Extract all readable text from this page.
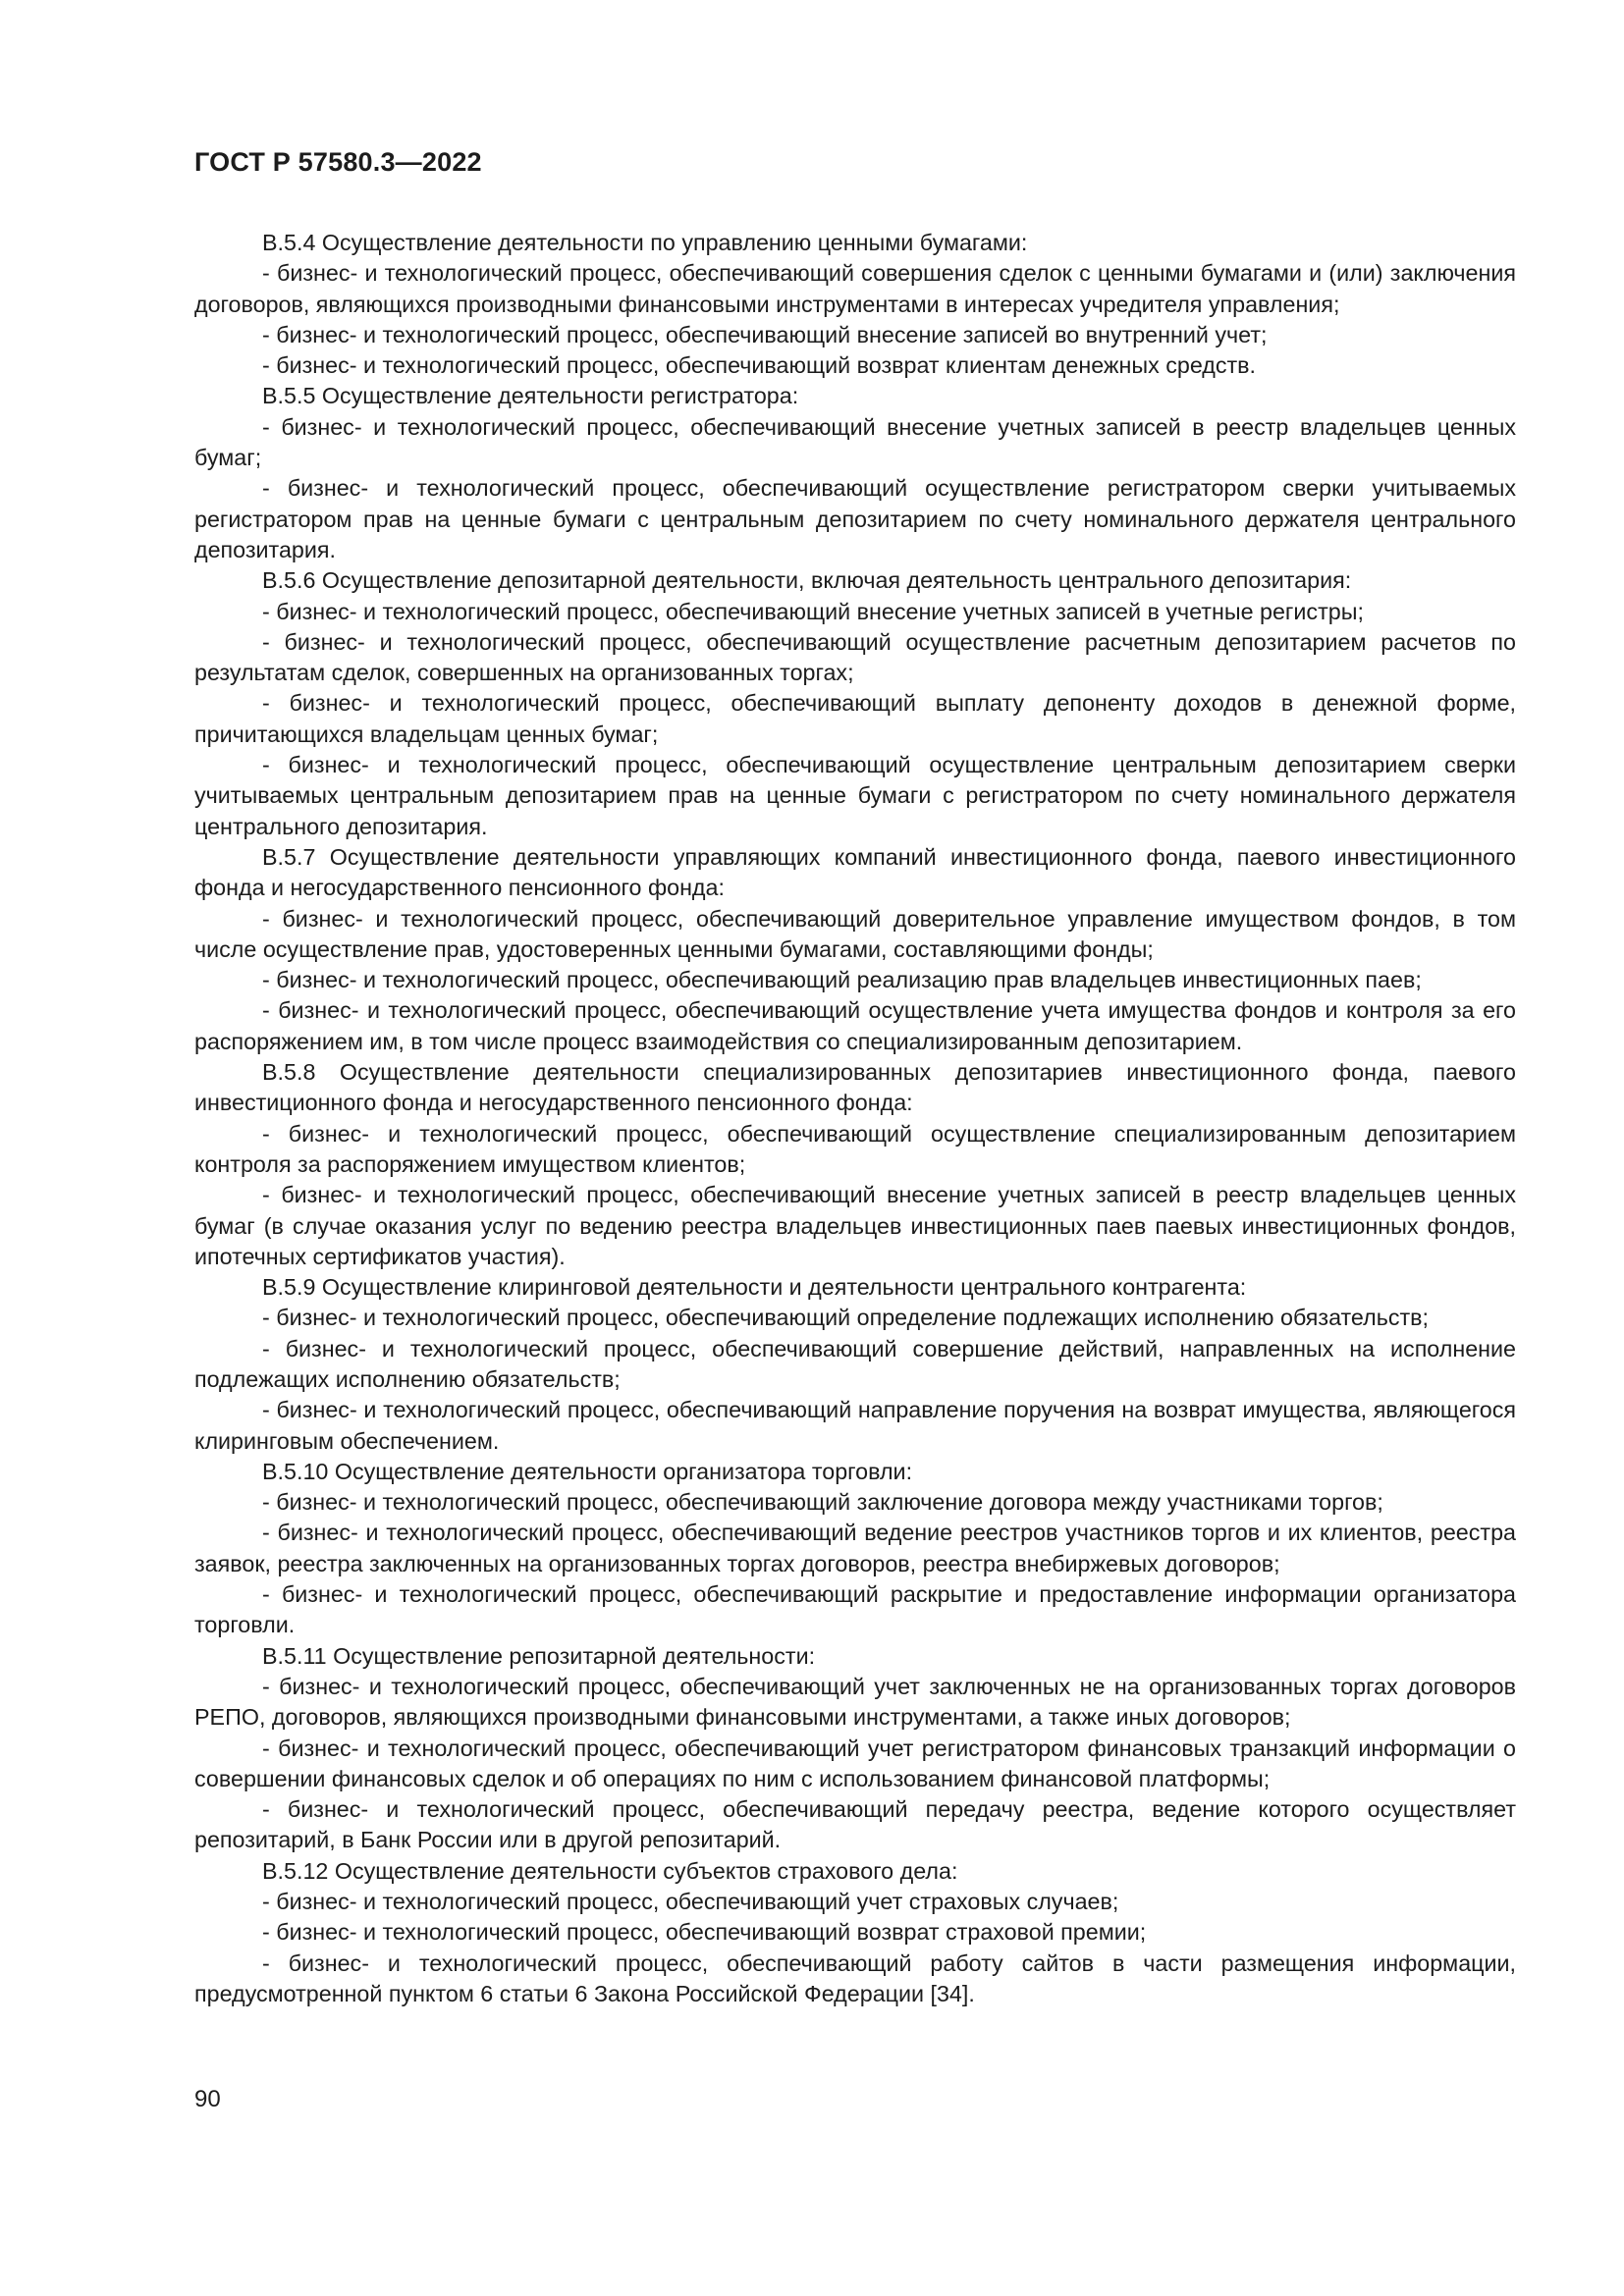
ГОСТ Р 57580.3—2022

B.5.4 Осуществление деятельности по управлению ценными бумагами:

- бизнес- и технологический процесс, обеспечивающий совершения сделок с ценными бумагами и (или) заключения договоров, являющихся производными финансовыми инструментами в интересах учредителя управления;

- бизнес- и технологический процесс, обеспечивающий внесение записей во внутренний учет;

- бизнес- и технологический процесс, обеспечивающий возврат клиентам денежных средств.

B.5.5 Осуществление деятельности регистратора:

- бизнес- и технологический процесс, обеспечивающий внесение учетных записей в реестр владельцев ценных бумаг;

- бизнес- и технологический процесс, обеспечивающий осуществление регистратором сверки учитываемых регистратором прав на ценные бумаги с центральным депозитарием по счету номинального держателя центрального депозитария.

B.5.6 Осуществление депозитарной деятельности, включая деятельность центрального депозитария:

- бизнес- и технологический процесс, обеспечивающий внесение учетных записей в учетные регистры;

- бизнес- и технологический процесс, обеспечивающий осуществление расчетным депозитарием расчетов по результатам сделок, совершенных на организованных торгах;

- бизнес- и технологический процесс, обеспечивающий выплату депоненту доходов в денежной форме, причитающихся владельцам ценных бумаг;

- бизнес- и технологический процесс, обеспечивающий осуществление центральным депозитарием сверки учитываемых центральным депозитарием прав на ценные бумаги с регистратором по счету номинального держателя центрального депозитария.

B.5.7 Осуществление деятельности управляющих компаний инвестиционного фонда, паевого инвестиционного фонда и негосударственного пенсионного фонда:

- бизнес- и технологический процесс, обеспечивающий доверительное управление имуществом фондов, в том числе осуществление прав, удостоверенных ценными бумагами, составляющими фонды;

- бизнес- и технологический процесс, обеспечивающий реализацию прав владельцев инвестиционных паев;

- бизнес- и технологический процесс, обеспечивающий осуществление учета имущества фондов и контроля за его распоряжением им, в том числе процесс взаимодействия со специализированным депозитарием.

B.5.8 Осуществление деятельности специализированных депозитариев инвестиционного фонда, паевого инвестиционного фонда и негосударственного пенсионного фонда:

- бизнес- и технологический процесс, обеспечивающий осуществление специализированным депозитарием контроля за распоряжением имуществом клиентов;

- бизнес- и технологический процесс, обеспечивающий внесение учетных записей в реестр владельцев ценных бумаг (в случае оказания услуг по ведению реестра владельцев инвестиционных паев паевых инвестиционных фондов, ипотечных сертификатов участия).

B.5.9 Осуществление клиринговой деятельности и деятельности центрального контрагента:

- бизнес- и технологический процесс, обеспечивающий определение подлежащих исполнению обязательств;

- бизнес- и технологический процесс, обеспечивающий совершение действий, направленных на исполнение подлежащих исполнению обязательств;

- бизнес- и технологический процесс, обеспечивающий направление поручения на возврат имущества, являющегося клиринговым обеспечением.

B.5.10 Осуществление деятельности организатора торговли:

- бизнес- и технологический процесс, обеспечивающий заключение договора между участниками торгов;

- бизнес- и технологический процесс, обеспечивающий ведение реестров участников торгов и их клиентов, реестра заявок, реестра заключенных на организованных торгах договоров, реестра внебиржевых договоров;

- бизнес- и технологический процесс, обеспечивающий раскрытие и предоставление информации организатора торговли.

B.5.11 Осуществление репозитарной деятельности:

- бизнес- и технологический процесс, обеспечивающий учет заключенных не на организованных торгах договоров РЕПО, договоров, являющихся производными финансовыми инструментами, а также иных договоров;

- бизнес- и технологический процесс, обеспечивающий учет регистратором финансовых транзакций информации о совершении финансовых сделок и об операциях по ним с использованием финансовой платформы;

- бизнес- и технологический процесс, обеспечивающий передачу реестра, ведение которого осуществляет репозитарий, в Банк России или в другой репозитарий.

B.5.12 Осуществление деятельности субъектов страхового дела:

- бизнес- и технологический процесс, обеспечивающий учет страховых случаев;

- бизнес- и технологический процесс, обеспечивающий возврат страховой премии;

- бизнес- и технологический процесс, обеспечивающий работу сайтов в части размещения информации, предусмотренной пунктом 6 статьи 6 Закона Российской Федерации [34].

90
